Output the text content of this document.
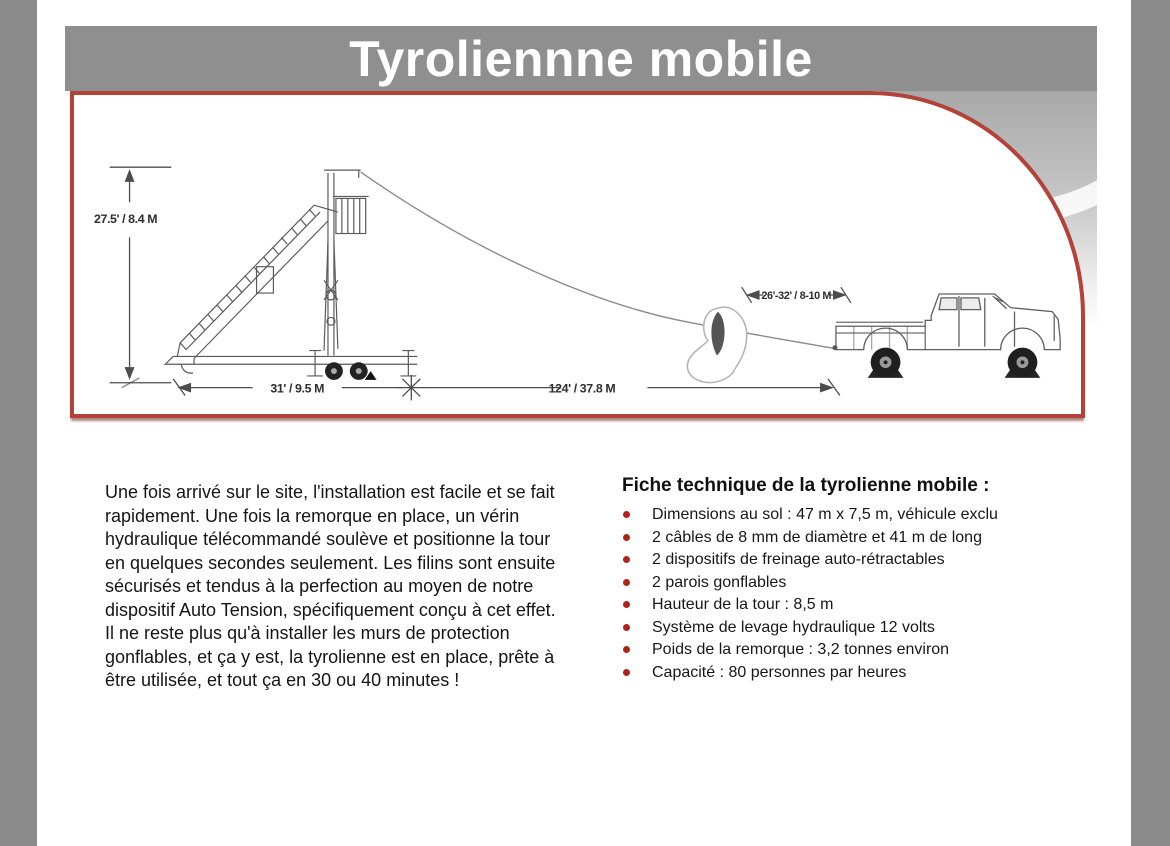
Tyroliennne mobile
27.5' / 8.4 M
26'-32' / 8-10 M
31' / 9.5 M	124' / 37.8 M

Une fois arrivé sur le site, l'installation est facile et se fait rapidement. Une fois la remorque en place, un vérin hydraulique télécommandé soulève et positionne la tour en quelques secondes seulement. Les filins sont ensuite sécurisés et tendus à la perfection au moyen de notre dispositif Auto Tension, spécifiquement conçu à cet effet. Il ne reste plus qu'à installer les murs de protection gonflables, et ça y est, la tyrolienne est en place, prête à être utilisée, et tout ça en 30 ou 40 minutes !

Fiche technique de la tyrolienne mobile :
Dimensions au sol : 47 m x 7,5 m, véhicule exclu
2 câbles de 8 mm de diamètre et 41 m de long
2 dispositifs de freinage auto-rétractables
2 parois gonflables
Hauteur de la tour : 8,5 m
Système de levage hydraulique 12 volts
Poids de la remorque : 3,2 tonnes environ
Capacité : 80 personnes par heures
